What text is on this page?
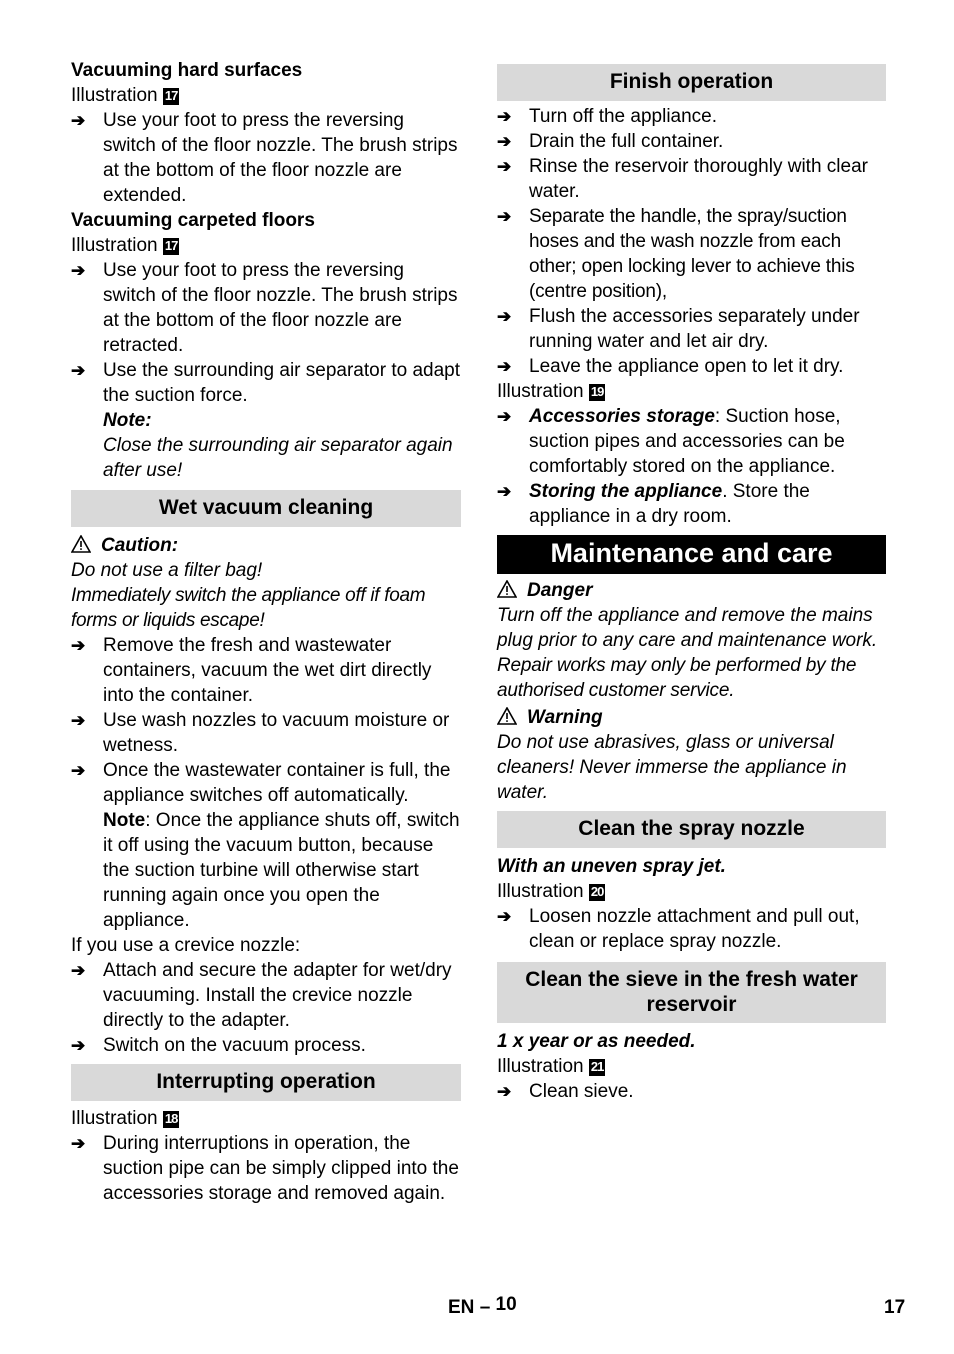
Vacuuming hard surfaces
Illustration 17
➔ Use your foot to press the reversing switch of the floor nozzle. The brush strips at the bottom of the floor nozzle are extended.
Vacuuming carpeted floors
Illustration 17
➔ Use your foot to press the reversing switch of the floor nozzle. The brush strips at the bottom of the floor nozzle are retracted.
➔ Use the surrounding air separator to adapt the suction force.
Note:
Close the surrounding air separator again after use!
Wet vacuum cleaning
Caution:
Do not use a filter bag!
Immediately switch the appliance off if foam forms or liquids escape!
➔ Remove the fresh and wastewater containers, vacuum the wet dirt directly into the container.
➔ Use wash nozzles to vacuum moisture or wetness.
➔ Once the wastewater container is full, the appliance switches off automatically.
Note: Once the appliance shuts off, switch it off using the vacuum button, because the suction turbine will otherwise start running again once you open the appliance.
If you use a crevice nozzle:
➔ Attach and secure the adapter for wet/dry vacuuming. Install the crevice nozzle directly to the adapter.
➔ Switch on the vacuum process.
Interrupting operation
Illustration 18
➔ During interruptions in operation, the suction pipe can be simply clipped into the accessories storage and removed again.
Finish operation
➔ Turn off the appliance.
➔ Drain the full container.
➔ Rinse the reservoir thoroughly with clear water.
➔ Separate the handle, the spray/suction hoses and the wash nozzle from each other; open locking lever to achieve this (centre position),
➔ Flush the accessories separately under running water and let air dry.
➔ Leave the appliance open to let it dry.
Illustration 19
➔ Accessories storage: Suction hose, suction pipes and accessories can be comfortably stored on the appliance.
➔ Storing the appliance. Store the appliance in a dry room.
Maintenance and care
Danger
Turn off the appliance and remove the mains plug prior to any care and maintenance work.
Repair works may only be performed by the authorised customer service.
Warning
Do not use abrasives, glass or universal cleaners! Never immerse the appliance in water.
Clean the spray nozzle
With an uneven spray jet.
Illustration 20
➔ Loosen nozzle attachment and pull out, clean or replace spray nozzle.
Clean the sieve in the fresh water reservoir
1 x year or as needed.
Illustration 21
➔ Clean sieve.
EN – 10	17
